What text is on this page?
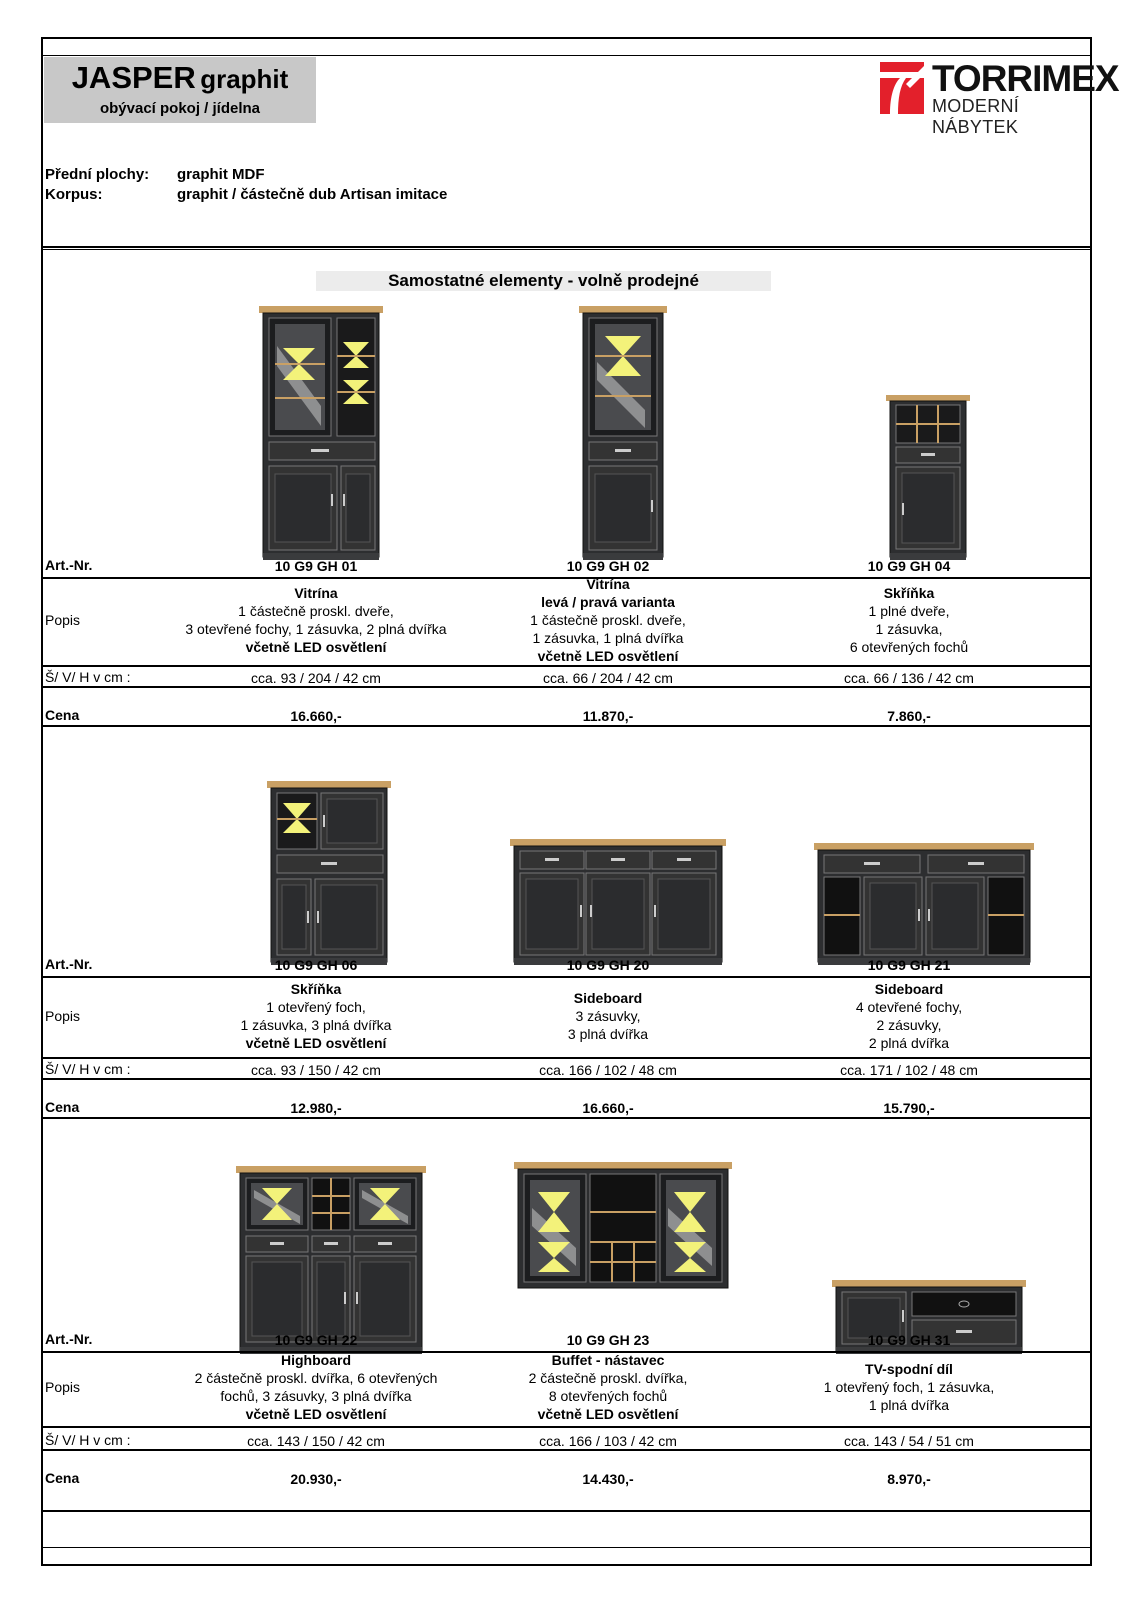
JASPER graphit
obývací pokoj / jídelna
TORRIMEX
MODERNÍ NÁBYTEK
Přední plochy: graphit MDF
Korpus:	graphit / částečně dub Artisan imitace
Samostatné elementy - volně prodejné
Art.-Nr.
Popis
Š/ V/ H v cm :
Cena
10 G9 GH 01
Vitrína
1 částečně proskl. dveře,
3 otevřené fochy, 1 zásuvka, 2 plná dvířka
včetně LED osvětlení
cca. 93 / 204 / 42 cm
16.660,-
10 G9 GH 02
Vitrína
levá / pravá varianta
1 částečně proskl. dveře,
1 zásuvka, 1 plná dvířka
včetně LED osvětlení
cca. 66 / 204 / 42 cm
11.870,-
10 G9 GH 04
Skříňka
1 plné dveře,
1 zásuvka,
6 otevřených fochů
cca. 66 / 136 / 42 cm
7.860,-
Art.-Nr.
Popis
Š/ V/ H v cm :
Cena
10 G9 GH 06
Skříňka
1 otevřený foch,
1 zásuvka, 3 plná dvířka
včetně LED osvětlení
cca. 93 / 150 / 42 cm
12.980,-
10 G9 GH 20
Sideboard
3 zásuvky,
3 plná dvířka
cca. 166 / 102 / 48 cm
16.660,-
10 G9 GH 21
Sideboard
4 otevřené fochy,
2 zásuvky,
2 plná dvířka
cca. 171 / 102 / 48 cm
15.790,-
Art.-Nr.
Popis
Š/ V/ H v cm :
Cena
10 G9 GH 22
Highboard
2 částečně proskl. dvířka, 6 otevřených
fochů, 3 zásuvky, 3 plná dvířka
včetně LED osvětlení
cca. 143 / 150 / 42 cm
20.930,-
10 G9 GH 23
Buffet - nástavec
2 částečně proskl. dvířka,
8 otevřených fochů
včetně LED osvětlení
cca. 166 / 103 / 42 cm
14.430,-
10 G9 GH 31
TV-spodní díl
1 otevřený foch, 1 zásuvka,
1 plná dvířka
cca. 143 / 54 / 51 cm
8.970,-
